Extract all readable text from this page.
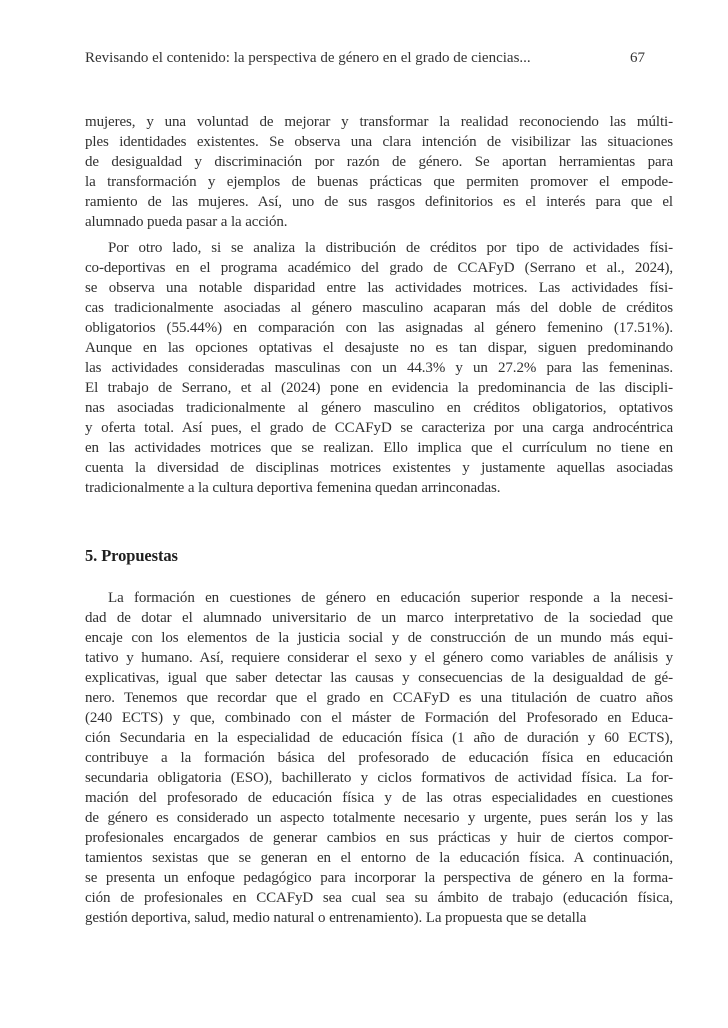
Revisando el contenido: la perspectiva de género en el grado de ciencias...	67
mujeres, y una voluntad de mejorar y transformar la realidad reconociendo las múlti-
ples identidades existentes. Se observa una clara intención de visibilizar las situaciones
de desigualdad y discriminación por razón de género. Se aportan herramientas para
la transformación y ejemplos de buenas prácticas que permiten promover el empode-
ramiento de las mujeres. Así, uno de sus rasgos definitorios es el interés para que el
alumnado pueda pasar a la acción.
Por otro lado, si se analiza la distribución de créditos por tipo de actividades físi-
co-deportivas en el programa académico del grado de CCAFyD (Serrano et al., 2024),
se observa una notable disparidad entre las actividades motrices. Las actividades físi-
cas tradicionalmente asociadas al género masculino acaparan más del doble de créditos
obligatorios (55.44%) en comparación con las asignadas al género femenino (17.51%).
Aunque en las opciones optativas el desajuste no es tan dispar, siguen predominando
las actividades consideradas masculinas con un 44.3% y un 27.2% para las femeninas.
El trabajo de Serrano, et al (2024) pone en evidencia la predominancia de las discipli-
nas asociadas tradicionalmente al género masculino en créditos obligatorios, optativos
y oferta total. Así pues, el grado de CCAFyD se caracteriza por una carga androcéntrica
en las actividades motrices que se realizan. Ello implica que el currículum no tiene en
cuenta la diversidad de disciplinas motrices existentes y justamente aquellas asociadas
tradicionalmente a la cultura deportiva femenina quedan arrinconadas.
5. Propuestas
La formación en cuestiones de género en educación superior responde a la necesi-
dad de dotar el alumnado universitario de un marco interpretativo de la sociedad que
encaje con los elementos de la justicia social y de construcción de un mundo más equi-
tativo y humano. Así, requiere considerar el sexo y el género como variables de análisis y
explicativas, igual que saber detectar las causas y consecuencias de la desigualdad de gé-
nero. Tenemos que recordar que el grado en CCAFyD es una titulación de cuatro años
(240 ECTS) y que, combinado con el máster de Formación del Profesorado en Educa-
ción Secundaria en la especialidad de educación física (1 año de duración y 60 ECTS),
contribuye a la formación básica del profesorado de educación física en educación
secundaria obligatoria (ESO), bachillerato y ciclos formativos de actividad física. La for-
mación del profesorado de educación física y de las otras especialidades en cuestiones
de género es considerado un aspecto totalmente necesario y urgente, pues serán los y las
profesionales encargados de generar cambios en sus prácticas y huir de ciertos compor-
tamientos sexistas que se generan en el entorno de la educación física. A continuación,
se presenta un enfoque pedagógico para incorporar la perspectiva de género en la forma-
ción de profesionales en CCAFyD sea cual sea su ámbito de trabajo (educación física,
gestión deportiva, salud, medio natural o entrenamiento). La propuesta que se detalla
